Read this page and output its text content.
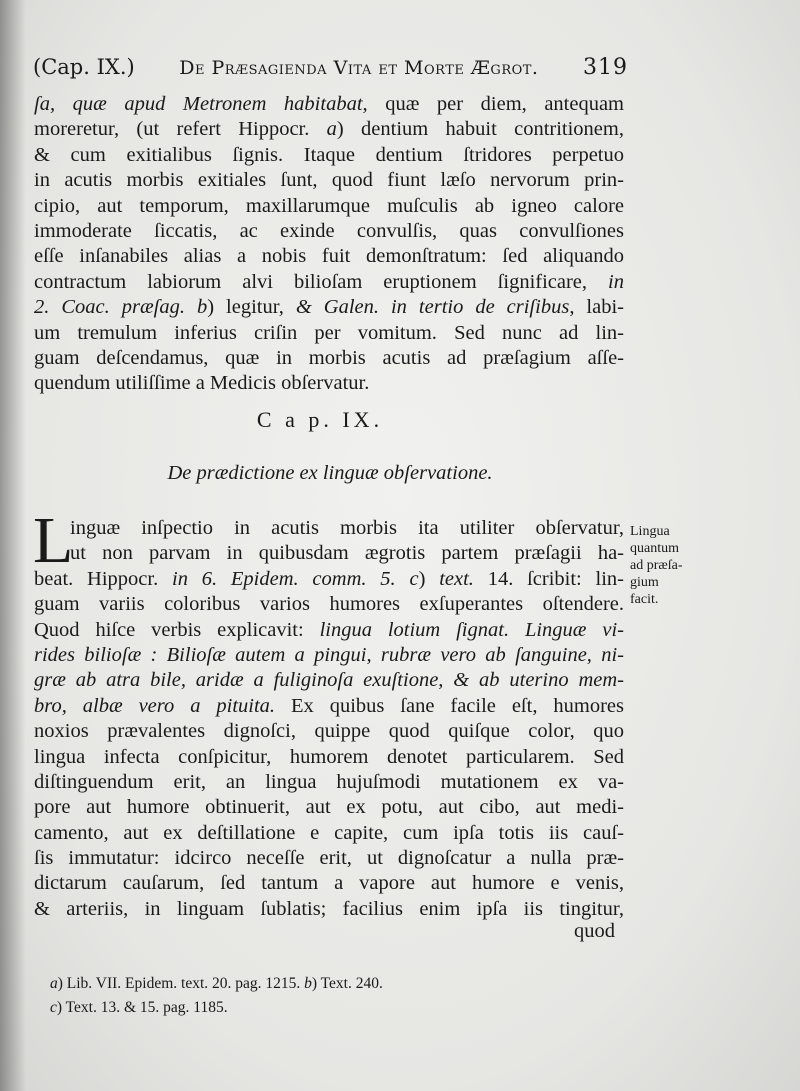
(Cap. IX.) De Præsagienda Vita et Morte Ægrot. 319
ſa, quæ apud Metronem habitabat, quæ per diem, antequam
moreretur, (ut refert Hippocr. a) dentium habuit contritionem,
& cum exitialibus ſignis. Itaque dentium ſtridores perpetuo
in acutis morbis exitiales ſunt, quod fiunt læſo nervorum prin-
cipio, aut temporum, maxillarumque muſculis ab igneo calore
immoderate ſiccatis, ac exinde convulſis, quas convulſiones
eſſe inſanabiles alias a nobis fuit demonſtratum: ſed aliquando
contractum labiorum alvi bilioſam eruptionem ſignificare, in
2. Coac. præſag. b) legitur, & Galen. in tertio de criſibus, labi-
um tremulum inferius criſin per vomitum. Sed nunc ad lin-
guam deſcendamus, quæ in morbis acutis ad præſagium aſſe-
quendum utiliſſime a Medicis obſervatur.
C a p. IX.
De prædictione ex linguæ obſervatione.
L
inguæ inſpectio in acutis morbis ita utiliter obſervatur,
ut non parvam in quibusdam ægrotis partem præſagii ha-
beat. Hippocr. in 6. Epidem. comm. 5. c) text. 14. ſcribit: lin-
guam variis coloribus varios humores exſuperantes oſtendere.
Quod hiſce verbis explicavit: lingua lotium ſignat. Linguæ vi-
rides bilioſæ : Bilioſæ autem a pingui, rubræ vero ab ſanguine, ni-
græ ab atra bile, aridæ a fuliginoſa exuſtione, & ab uterino mem-
bro, albæ vero a pituita. Ex quibus ſane facile eſt, humores
noxios prævalentes dignoſci, quippe quod quiſque color, quo
lingua infecta conſpicitur, humorem denotet particularem. Sed
diſtinguendum erit, an lingua hujuſmodi mutationem ex va-
pore aut humore obtinuerit, aut ex potu, aut cibo, aut medi-
camento, aut ex deſtillatione e capite, cum ipſa totis iis cauſ-
ſis immutatur: idcirco neceſſe erit, ut dignoſcatur a nulla præ-
dictarum cauſarum, ſed tantum a vapore aut humore e venis,
& arteriis, in linguam ſublatis; facilius enim ipſa iis tingitur,
Lingua
quantum
ad præſa-
gium
facit.
quod
a) Lib. VII. Epidem. text. 20. pag. 1215. b) Text. 240.
c) Text. 13. & 15. pag. 1185.
